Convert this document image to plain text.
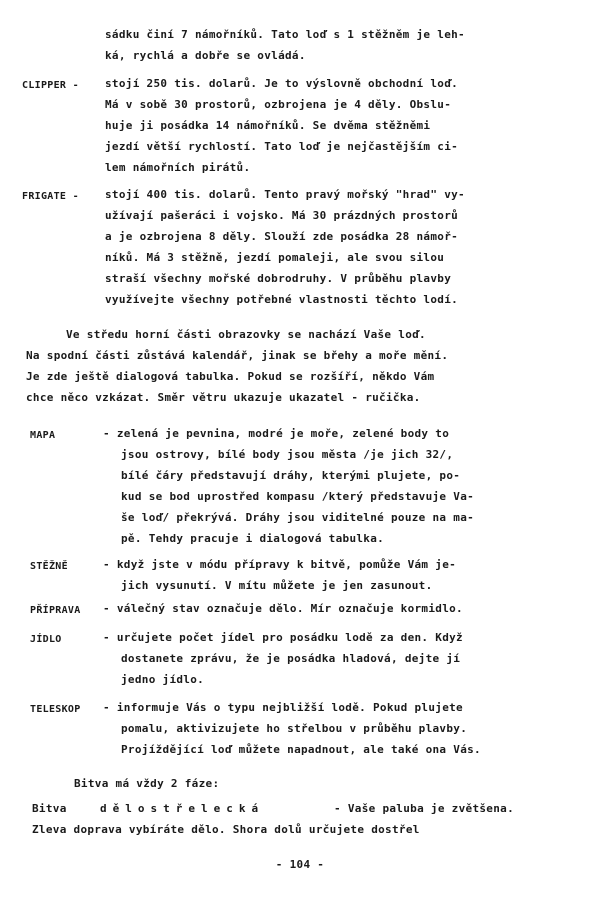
sádku činí 7 námořníků. Tato loď s 1 stěžněm je leh-
ká, rychlá a dobře se ovládá.
CLIPPER - stojí 250 tis. dolarů. Je to výslovně obchodní loď.
Má v sobě 30 prostorů, ozbrojena je 4 děly. Obslu-
huje ji posádka 14 námořníků. Se dvěma stěžněmi
jezdí větší rychlostí. Tato loď je nejčastějším ci-
lem námořních pirátů.
FRIGATE - stojí 400 tis. dolarů. Tento pravý mořský "hrad" vy-
užívají pašeráci i vojsko. Má 30 prázdných prostorů
a je ozbrojena 8 děly. Slouží zde posádka 28 námoř-
níků. Má 3 stěžně, jezdí pomaleji, ale svou silou
straší všechny mořské dobrodruhy. V průběhu plavby
využívejte všechny potřebné vlastnosti těchto lodí.
Ve středu horní části obrazovky se nachází Vaše loď.
Na spodní části zůstává kalendář, jinak se břehy a moře mění.
Je zde ještě dialogová tabulka. Pokud se rozšíří, někdo Vám
chce něco vzkázat. Směr větru ukazuje ukazatel - ručička.
MAPA	- zelená je pevnina, modré je moře, zelené body to
jsou ostrovy, bílé body jsou města /je jich 32/,
bílé čáry představují dráhy, kterými plujete, po-
kud se bod uprostřed kompasu /který představuje Va-
še loď/ překrývá. Dráhy jsou viditelné pouze na ma-
pě. Tehdy pracuje i dialogová tabulka.
STĚŽNĚ	- když jste v módu přípravy k bitvě, pomůže Vám je-
jich vysunutí. V mítu můžete je jen zasunout.
PŘÍPRAVA - válečný stav označuje dělo. Mír označuje kormidlo.
JÍDLO	- určujete počet jídel pro posádku lodě za den. Když
dostanete zprávu, že je posádka hladová, dejte jí
jedno jídlo.
TELESKOP - informuje Vás o typu nejbližší lodě. Pokud plujete
pomalu, aktivizujete ho střelbou v průběhu plavby.
Projíždějící loď můžete napadnout, ale také ona Vás.
Bitva má vždy 2 fáze:
Bitva	dělostřelecká	- Vaše paluba je zvětšena.
Zleva doprava vybíráte dělo. Shora dolů určujete dostřel
- 104 -
